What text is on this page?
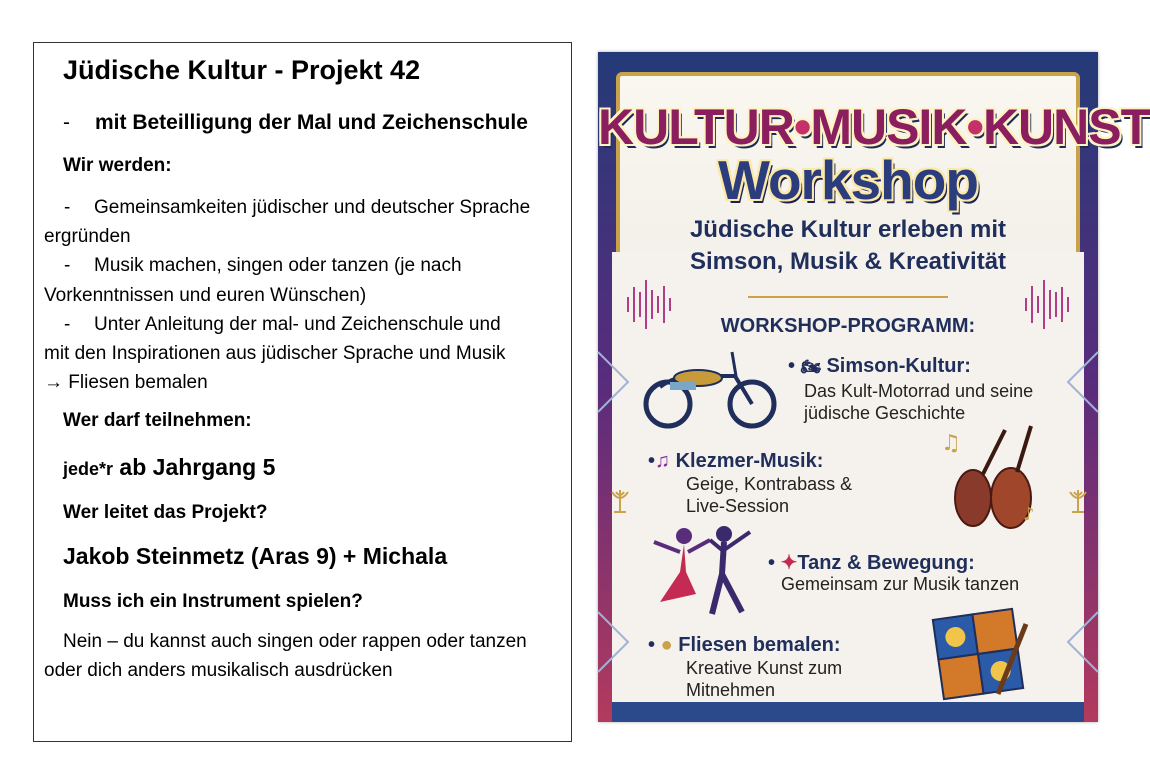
Jüdische Kultur - Projekt 42
- mit Beteilligung der Mal und Zeichenschule
Wir werden:
- Gemeinsamkeiten jüdischer und deutscher Sprache
ergründen
- Musik machen, singen oder tanzen (je nach
Vorkenntnissen und euren Wünschen)
- Unter Anleitung der mal- und Zeichenschule und
mit den Inspirationen aus jüdischer Sprache und Musik
→ Fliesen bemalen
Wer darf teilnehmen:
jede*r ab Jahrgang 5
Wer leitet das Projekt?
Jakob Steinmetz (Aras 9) + Michala
Muss ich ein Instrument spielen?
Nein – du kannst auch singen oder rappen oder tanzen
oder dich anders musikalisch ausdrücken
♫
♪
KULTUR•MUSIK•KUNST
Workshop
Jüdische Kultur erleben mit
Simson, Musik & Kreativität
WORKSHOP-PROGRAMM:
• 🏍 Simson-Kultur:
Das Kult-Motorrad und seine
jüdische Geschichte
•♫ Klezmer-Musik:
Geige, Kontrabass &
Live-Session
• ✦Tanz & Bewegung:
Gemeinsam zur Musik tanzen
• ● Fliesen bemalen:
Kreative Kunst zum
Mitnehmen
